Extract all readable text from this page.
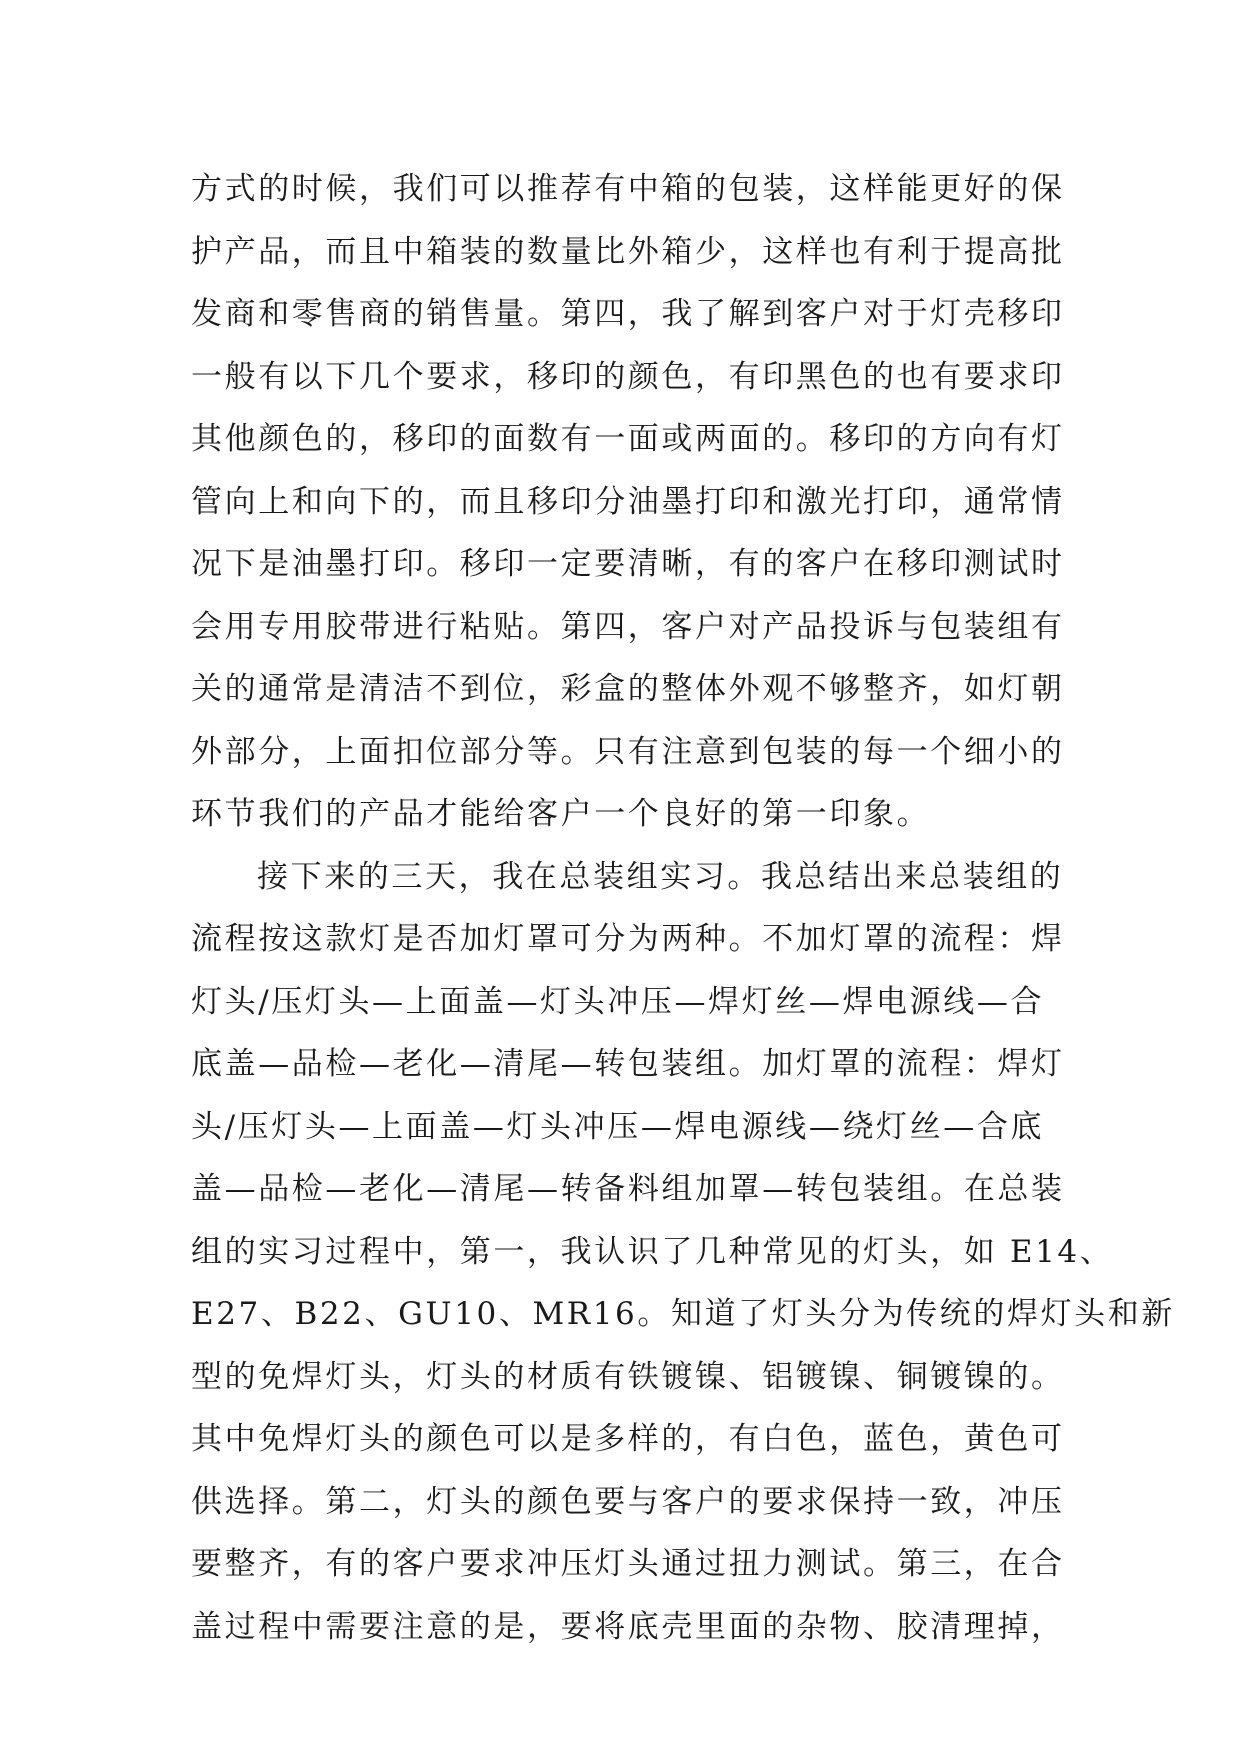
方式的时候，我们可以推荐有中箱的包装，这样能更好的保
护产品，而且中箱装的数量比外箱少，这样也有利于提高批
发商和零售商的销售量。第四，我了解到客户对于灯壳移印
一般有以下几个要求，移印的颜色，有印黑色的也有要求印
其他颜色的，移印的面数有一面或两面的。移印的方向有灯
管向上和向下的，而且移印分油墨打印和激光打印，通常情
况下是油墨打印。移印一定要清晰，有的客户在移印测试时
会用专用胶带进行粘贴。第四，客户对产品投诉与包装组有
关的通常是清洁不到位，彩盒的整体外观不够整齐，如灯朝
外部分，上面扣位部分等。只有注意到包装的每一个细小的
环节我们的产品才能给客户一个良好的第一印象。
接下来的三天，我在总装组实习。我总结出来总装组的
流程按这款灯是否加灯罩可分为两种。不加灯罩的流程：焊
灯头/压灯头—上面盖—灯头冲压—焊灯丝—焊电源线—合
底盖—品检—老化—清尾—转包装组。加灯罩的流程：焊灯
头/压灯头—上面盖—灯头冲压—焊电源线—绕灯丝—合底
盖—品检—老化—清尾—转备料组加罩—转包装组。在总装
组的实习过程中，第一，我认识了几种常见的灯头，如 E14、
E27、B22、GU10、MR16。知道了灯头分为传统的焊灯头和新
型的免焊灯头，灯头的材质有铁镀镍、铝镀镍、铜镀镍的。
其中免焊灯头的颜色可以是多样的，有白色，蓝色，黄色可
供选择。第二，灯头的颜色要与客户的要求保持一致，冲压
要整齐，有的客户要求冲压灯头通过扭力测试。第三，在合
盖过程中需要注意的是，要将底壳里面的杂物、胶清理掉，
